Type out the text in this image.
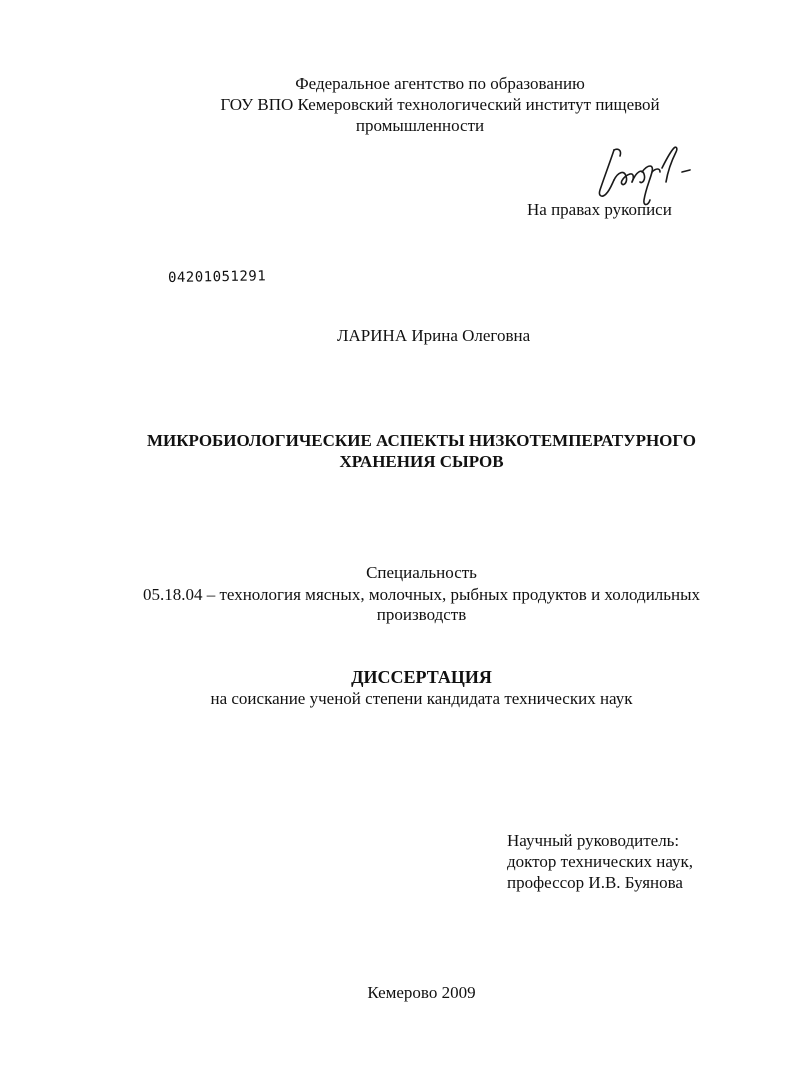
Федеральное агентство по образованию
ГОУ ВПО Кемеровский технологический институт пищевой
промышленности
На правах рукописи
04201051291
ЛАРИНА Ирина Олеговна
МИКРОБИОЛОГИЧЕСКИЕ АСПЕКТЫ НИЗКОТЕМПЕРАТУРНОГО
ХРАНЕНИЯ СЫРОВ
Специальность
05.18.04 – технология мясных, молочных, рыбных продуктов и холодильных
производств
ДИССЕРТАЦИЯ
на соискание ученой степени кандидата технических наук
Научный руководитель:
доктор технических наук,
профессор И.В. Буянова
Кемерово 2009
